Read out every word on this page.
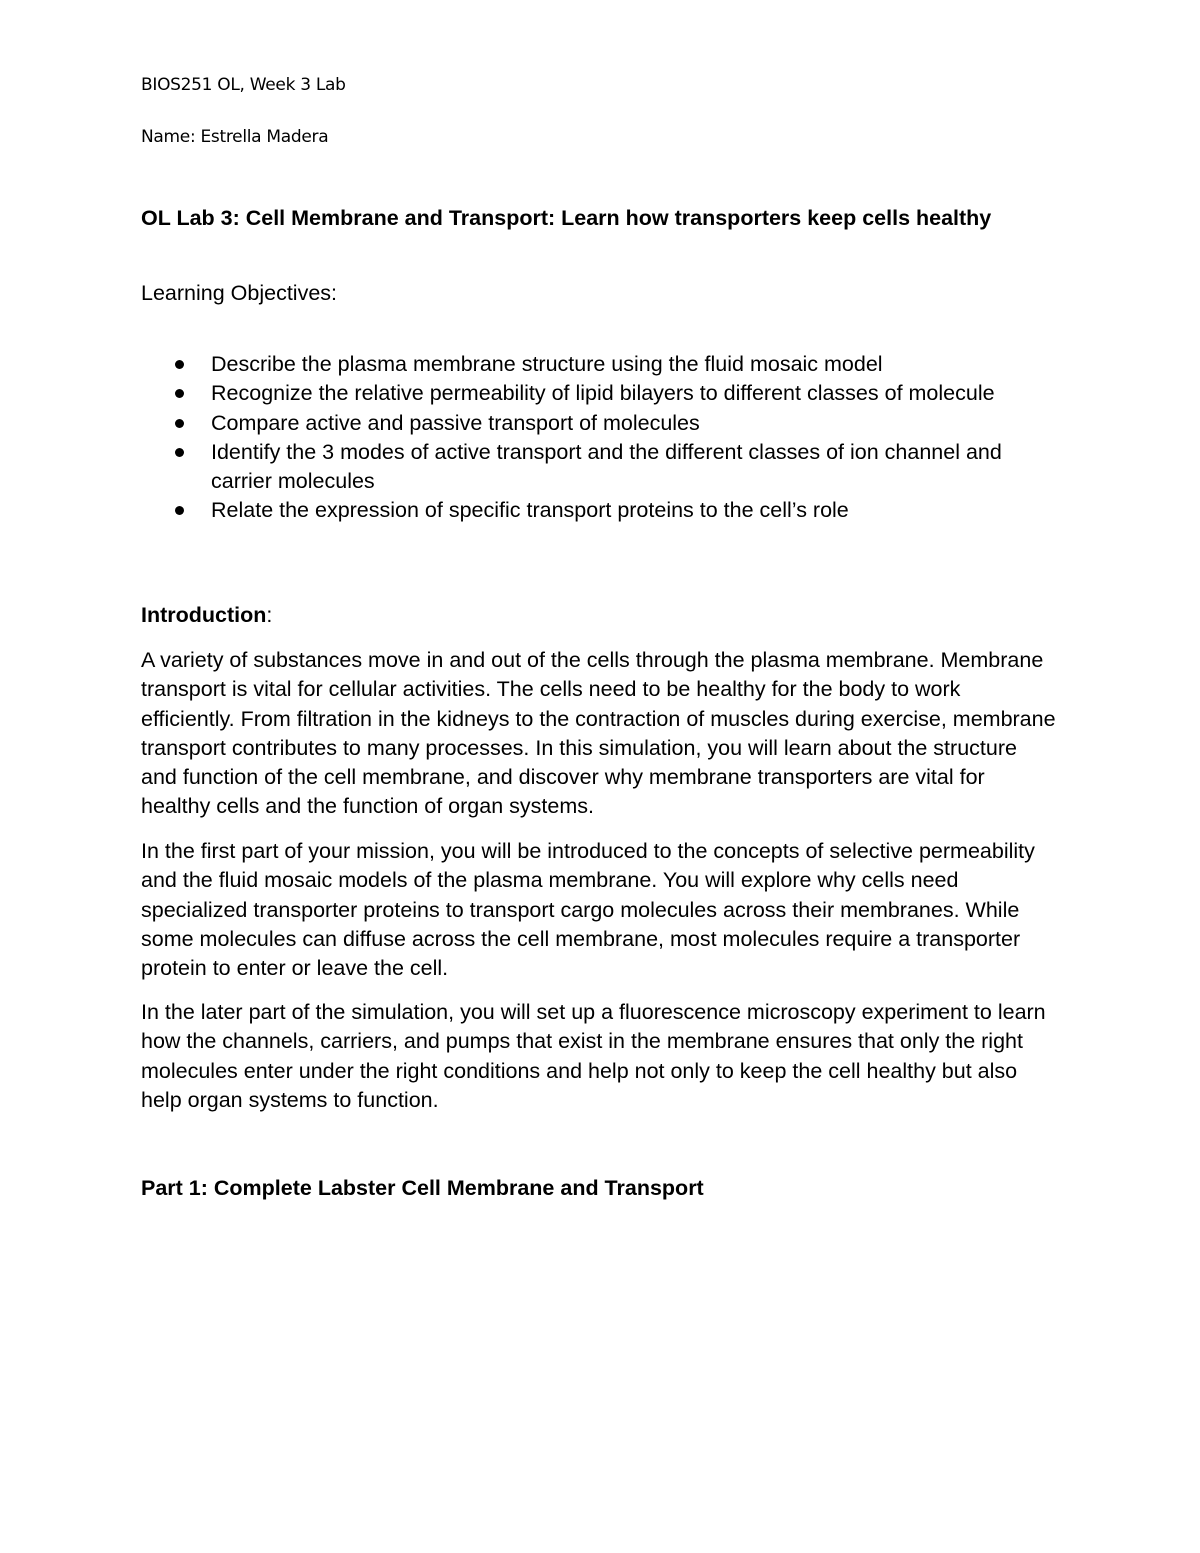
BIOS251 OL, Week 3 Lab

Name: Estrella Madera

OL Lab 3: Cell Membrane and Transport: Learn how transporters keep cells healthy

Learning Objectives:

Describe the plasma membrane structure using the fluid mosaic model
Recognize the relative permeability of lipid bilayers to different classes of molecule
Compare active and passive transport of molecules
Identify the 3 modes of active transport and the different classes of ion channel and carrier molecules
Relate the expression of specific transport proteins to the cell’s role

Introduction:

A variety of substances move in and out of the cells through the plasma membrane. Membrane transport is vital for cellular activities. The cells need to be healthy for the body to work efficiently. From filtration in the kidneys to the contraction of muscles during exercise, membrane transport contributes to many processes. In this simulation, you will learn about the structure and function of the cell membrane, and discover why membrane transporters are vital for healthy cells and the function of organ systems.

In the first part of your mission, you will be introduced to the concepts of selective permeability and the fluid mosaic models of the plasma membrane. You will explore why cells need specialized transporter proteins to transport cargo molecules across their membranes. While some molecules can diffuse across the cell membrane, most molecules require a transporter protein to enter or leave the cell.

In the later part of the simulation, you will set up a fluorescence microscopy experiment to learn how the channels, carriers, and pumps that exist in the membrane ensures that only the right molecules enter under the right conditions and help not only to keep the cell healthy but also help organ systems to function.

Part 1: Complete Labster Cell Membrane and Transport
